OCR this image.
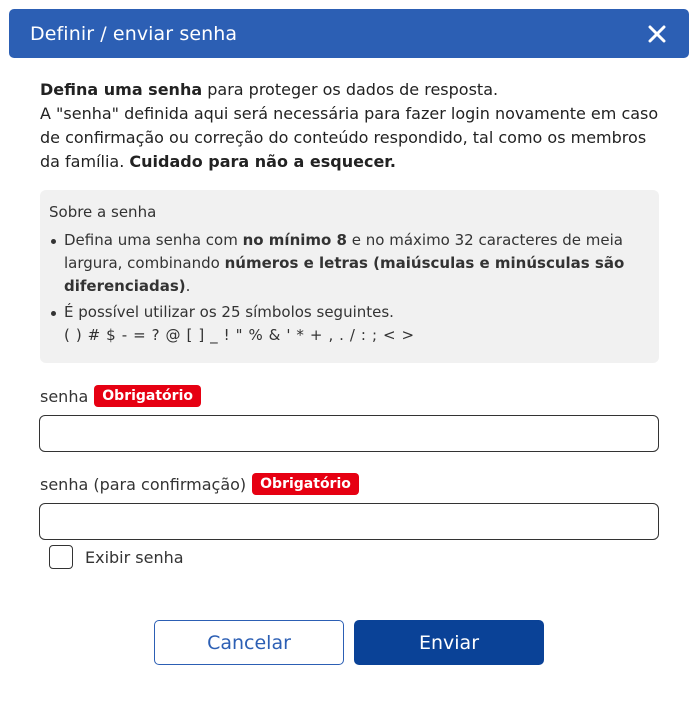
Definir / enviar senha
Defina uma senha para proteger os dados de resposta.
A "senha" definida aqui será necessária para fazer login novamente em caso de confirmação ou correção do conteúdo respondido, tal como os membros da família. Cuidado para não a esquecer.
Sobre a senha
Defina uma senha com no mínimo 8 e no máximo 32 caracteres de meia largura, combinando números e letras (maiúsculas e minúsculas são diferenciadas).
É possível utilizar os 25 símbolos seguintes.
( ) # $ - = ? @ [ ] _ ! " % & ' * + , . / : ; < >
senha	Obrigatório
senha (para confirmação)	Obrigatório
Exibir senha
Cancelar	Enviar
